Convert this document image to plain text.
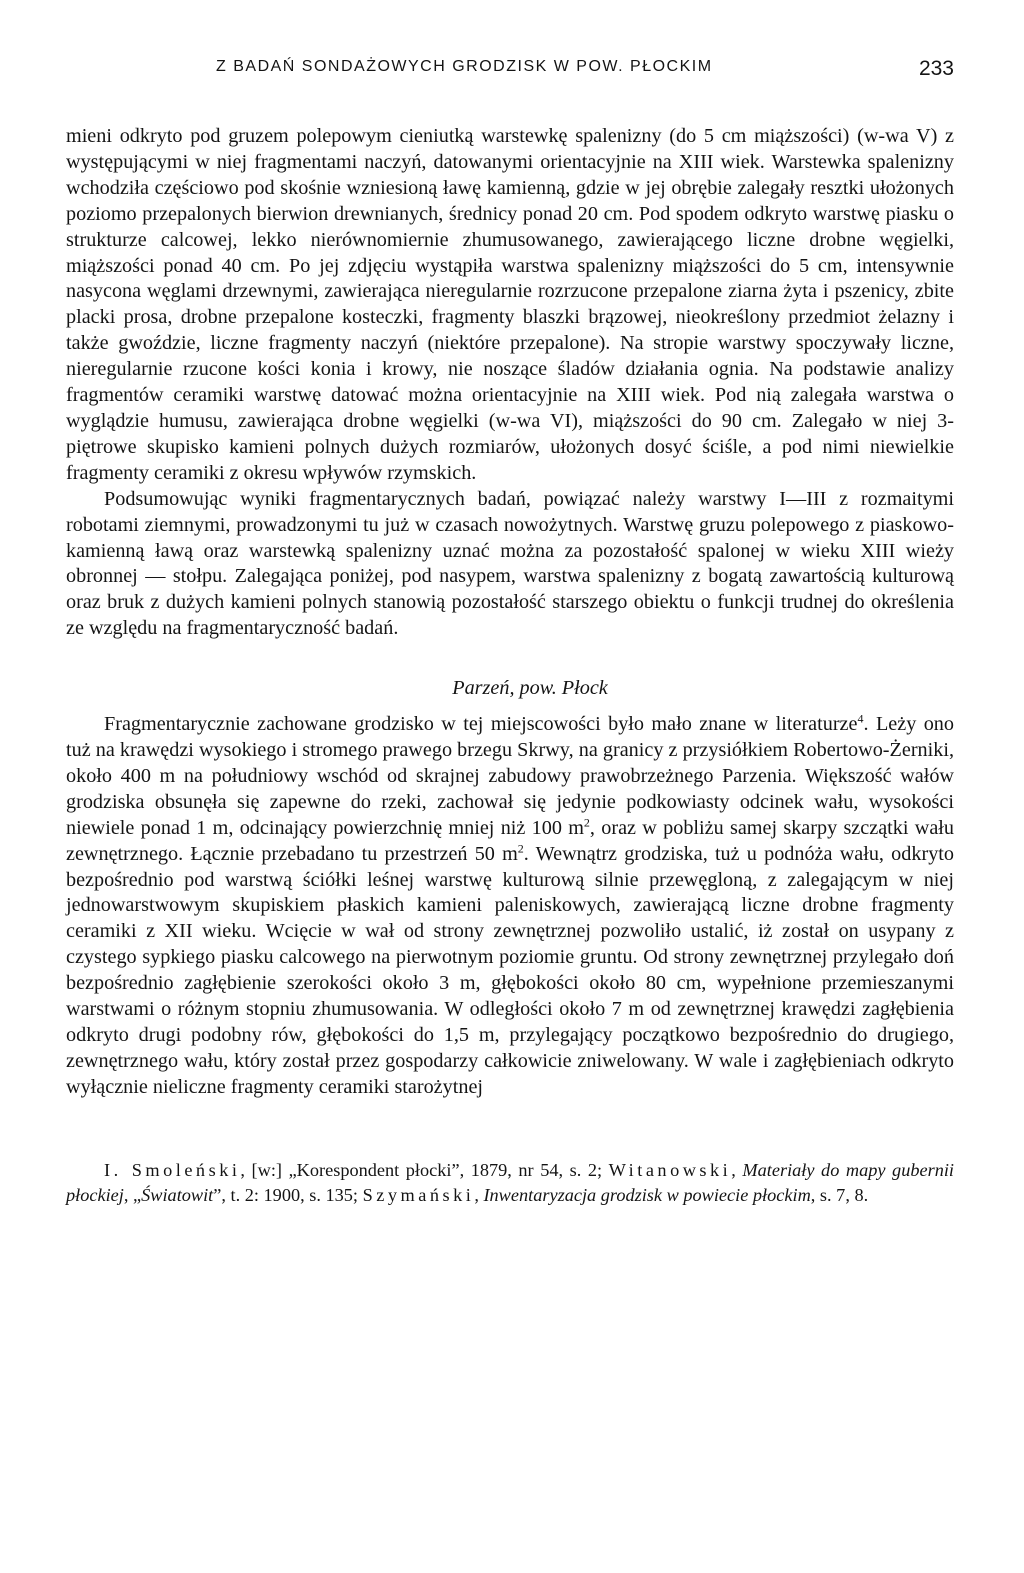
Z BADAŃ SONDAŻOWYCH GRODZISK W POW. PŁOCKIM	233

mieni odkryto pod gruzem polepowym cieniutką warstewkę spalenizny (do 5 cm miąższości) (w-wa V) z występującymi w niej fragmentami naczyń, datowanymi orientacyjnie na XIII wiek. Warstewka spalenizny wchodziła częściowo pod skośnie wzniesioną ławę kamienną, gdzie w jej obrębie zalegały resztki ułożonych poziomo przepalonych bierwion drewnianych, średnicy ponad 20 cm. Pod spodem odkryto warstwę piasku o strukturze calcowej, lekko nierównomiernie zhumusowanego, zawierającego liczne drobne węgielki, miąższości ponad 40 cm. Po jej zdjęciu wystąpiła warstwa spalenizny miąższości do 5 cm, intensywnie nasycona węglami drzewnymi, zawierająca nieregularnie rozrzucone przepalone ziarna żyta i pszenicy, zbite placki prosa, drobne przepalone kosteczki, fragmenty blaszki brązowej, nieokreślony przedmiot żelazny i także gwoździe, liczne fragmenty naczyń (niektóre przepalone). Na stropie warstwy spoczywały liczne, nieregularnie rzucone kości konia i krowy, nie noszące śladów działania ognia. Na podstawie analizy fragmentów ceramiki warstwę datować można orientacyjnie na XIII wiek. Pod nią zalegała warstwa o wyglądzie humusu, zawierająca drobne węgielki (w-wa VI), miąższości do 90 cm. Zalegało w niej 3-piętrowe skupisko kamieni polnych dużych rozmiarów, ułożonych dosyć ściśle, a pod nimi niewielkie fragmenty ceramiki z okresu wpływów rzymskich.

Podsumowując wyniki fragmentarycznych badań, powiązać należy warstwy I—III z rozmaitymi robotami ziemnymi, prowadzonymi tu już w czasach nowożytnych. Warstwę gruzu polepowego z piaskowo-kamienną ławą oraz warstewką spalenizny uznać można za pozostałość spalonej w wieku XIII wieży obronnej — stołpu. Zalegająca poniżej, pod nasypem, warstwa spalenizny z bogatą zawartością kulturową oraz bruk z dużych kamieni polnych stanowią pozostałość starszego obiektu o funkcji trudnej do określenia ze względu na fragmentaryczność badań.

Parzeń, pow. Płock

Fragmentarycznie zachowane grodzisko w tej miejscowości było mało znane w literaturze$^4$. Leży ono tuż na krawędzi wysokiego i stromego prawego brzegu Skrwy, na granicy z przysiółkiem Robertowo-Żerniki, około 400 m na południowy wschód od skrajnej zabudowy prawobrzeżnego Parzenia. Większość wałów grodziska obsunęła się zapewne do rzeki, zachował się jedynie podkowiasty odcinek wału, wysokości niewiele ponad 1 m, odcinający powierzchnię mniej niż 100 $m^2$, oraz w pobliżu samej skarpy szczątki wału zewnętrznego. Łącznie przebadano tu przestrzeń 50 $m^2$. Wewnątrz grodziska, tuż u podnóża wału, odkryto bezpośrednio pod warstwą ściółki leśnej warstwę kulturową silnie przewęgloną, z zalegającym w niej jednowarstwowym skupiskiem płaskich kamieni paleniskowych, zawierającą liczne drobne fragmenty ceramiki z XII wieku. Wcięcie w wał od strony zewnętrznej pozwoliło ustalić, iż został on usypany z czystego sypkiego piasku calcowego na pierwotnym poziomie gruntu. Od strony zewnętrznej przylegało doń bezpośrednio zagłębienie szerokości około 3 m, głębokości około 80 cm, wypełnione przemieszanymi warstwami o różnym stopniu zhumusowania. W odległości około 7 m od zewnętrznej krawędzi zagłębienia odkryto drugi podobny rów, głębokości do 1,5 m, przylegający początkowo bezpośrednio do drugiego, zewnętrznego wału, który został przez gospodarzy całkowicie zniwelowany. W wale i zagłębieniach odkryto wyłącznie nieliczne fragmenty ceramiki starożytnej

I. Smoleński, [w:] „Korespondent płocki”, 1879, nr 54, s. 2; Witanowski, Materiały do mapy gubernii płockiej, „Światowit”, t. 2: 1900, s. 135; Szymański, Inwentaryzacja grodzisk w powiecie płockim, s. 7, 8.
